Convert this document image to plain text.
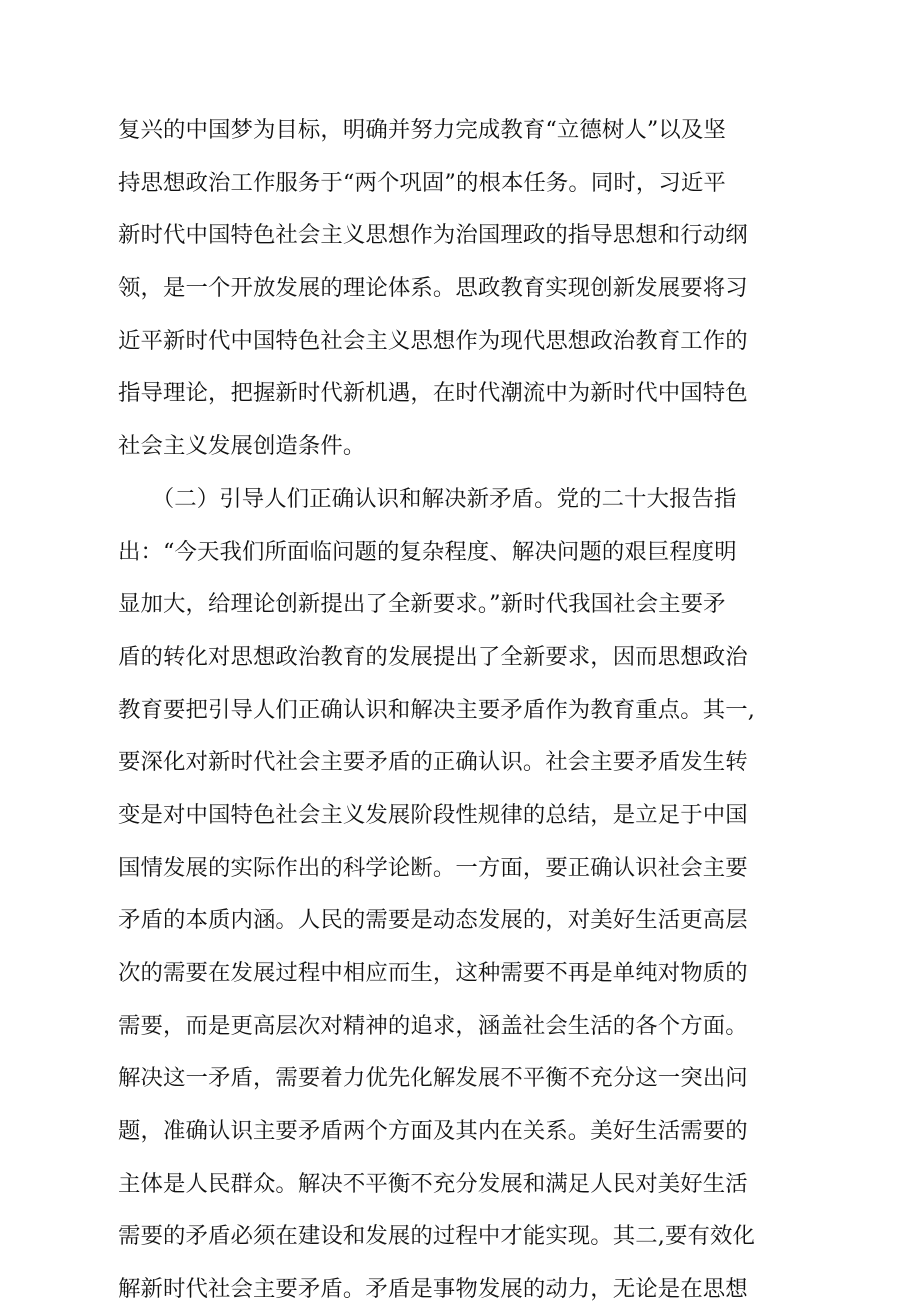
复兴的中国梦为目标，明确并努力完成教育“立德树人”以及坚
持思想政治工作服务于“两个巩固”的根本任务。同时，习近平
新时代中国特色社会主义思想作为治国理政的指导思想和行动纲
领，是一个开放发展的理论体系。思政教育实现创新发展要将习
近平新时代中国特色社会主义思想作为现代思想政治教育工作的
指导理论，把握新时代新机遇，在时代潮流中为新时代中国特色
社会主义发展创造条件。
　　（二）引导人们正确认识和解决新矛盾。党的二十大报告指
出：“今天我们所面临问题的复杂程度、解决问题的艰巨程度明
显加大，给理论创新提出了全新要求。”新时代我国社会主要矛
盾的转化对思想政治教育的发展提出了全新要求，因而思想政治
教育要把引导人们正确认识和解决主要矛盾作为教育重点。其一,
要深化对新时代社会主要矛盾的正确认识。社会主要矛盾发生转
变是对中国特色社会主义发展阶段性规律的总结，是立足于中国
国情发展的实际作出的科学论断。一方面，要正确认识社会主要
矛盾的本质内涵。人民的需要是动态发展的，对美好生活更高层
次的需要在发展过程中相应而生，这种需要不再是单纯对物质的
需要，而是更高层次对精神的追求，涵盖社会生活的各个方面。
解决这一矛盾，需要着力优先化解发展不平衡不充分这一突出问
题，准确认识主要矛盾两个方面及其内在关系。美好生活需要的
主体是人民群众。解决不平衡不充分发展和满足人民对美好生活
需要的矛盾必须在建设和发展的过程中才能实现。其二,要有效化
解新时代社会主要矛盾。矛盾是事物发展的动力，无论是在思想
